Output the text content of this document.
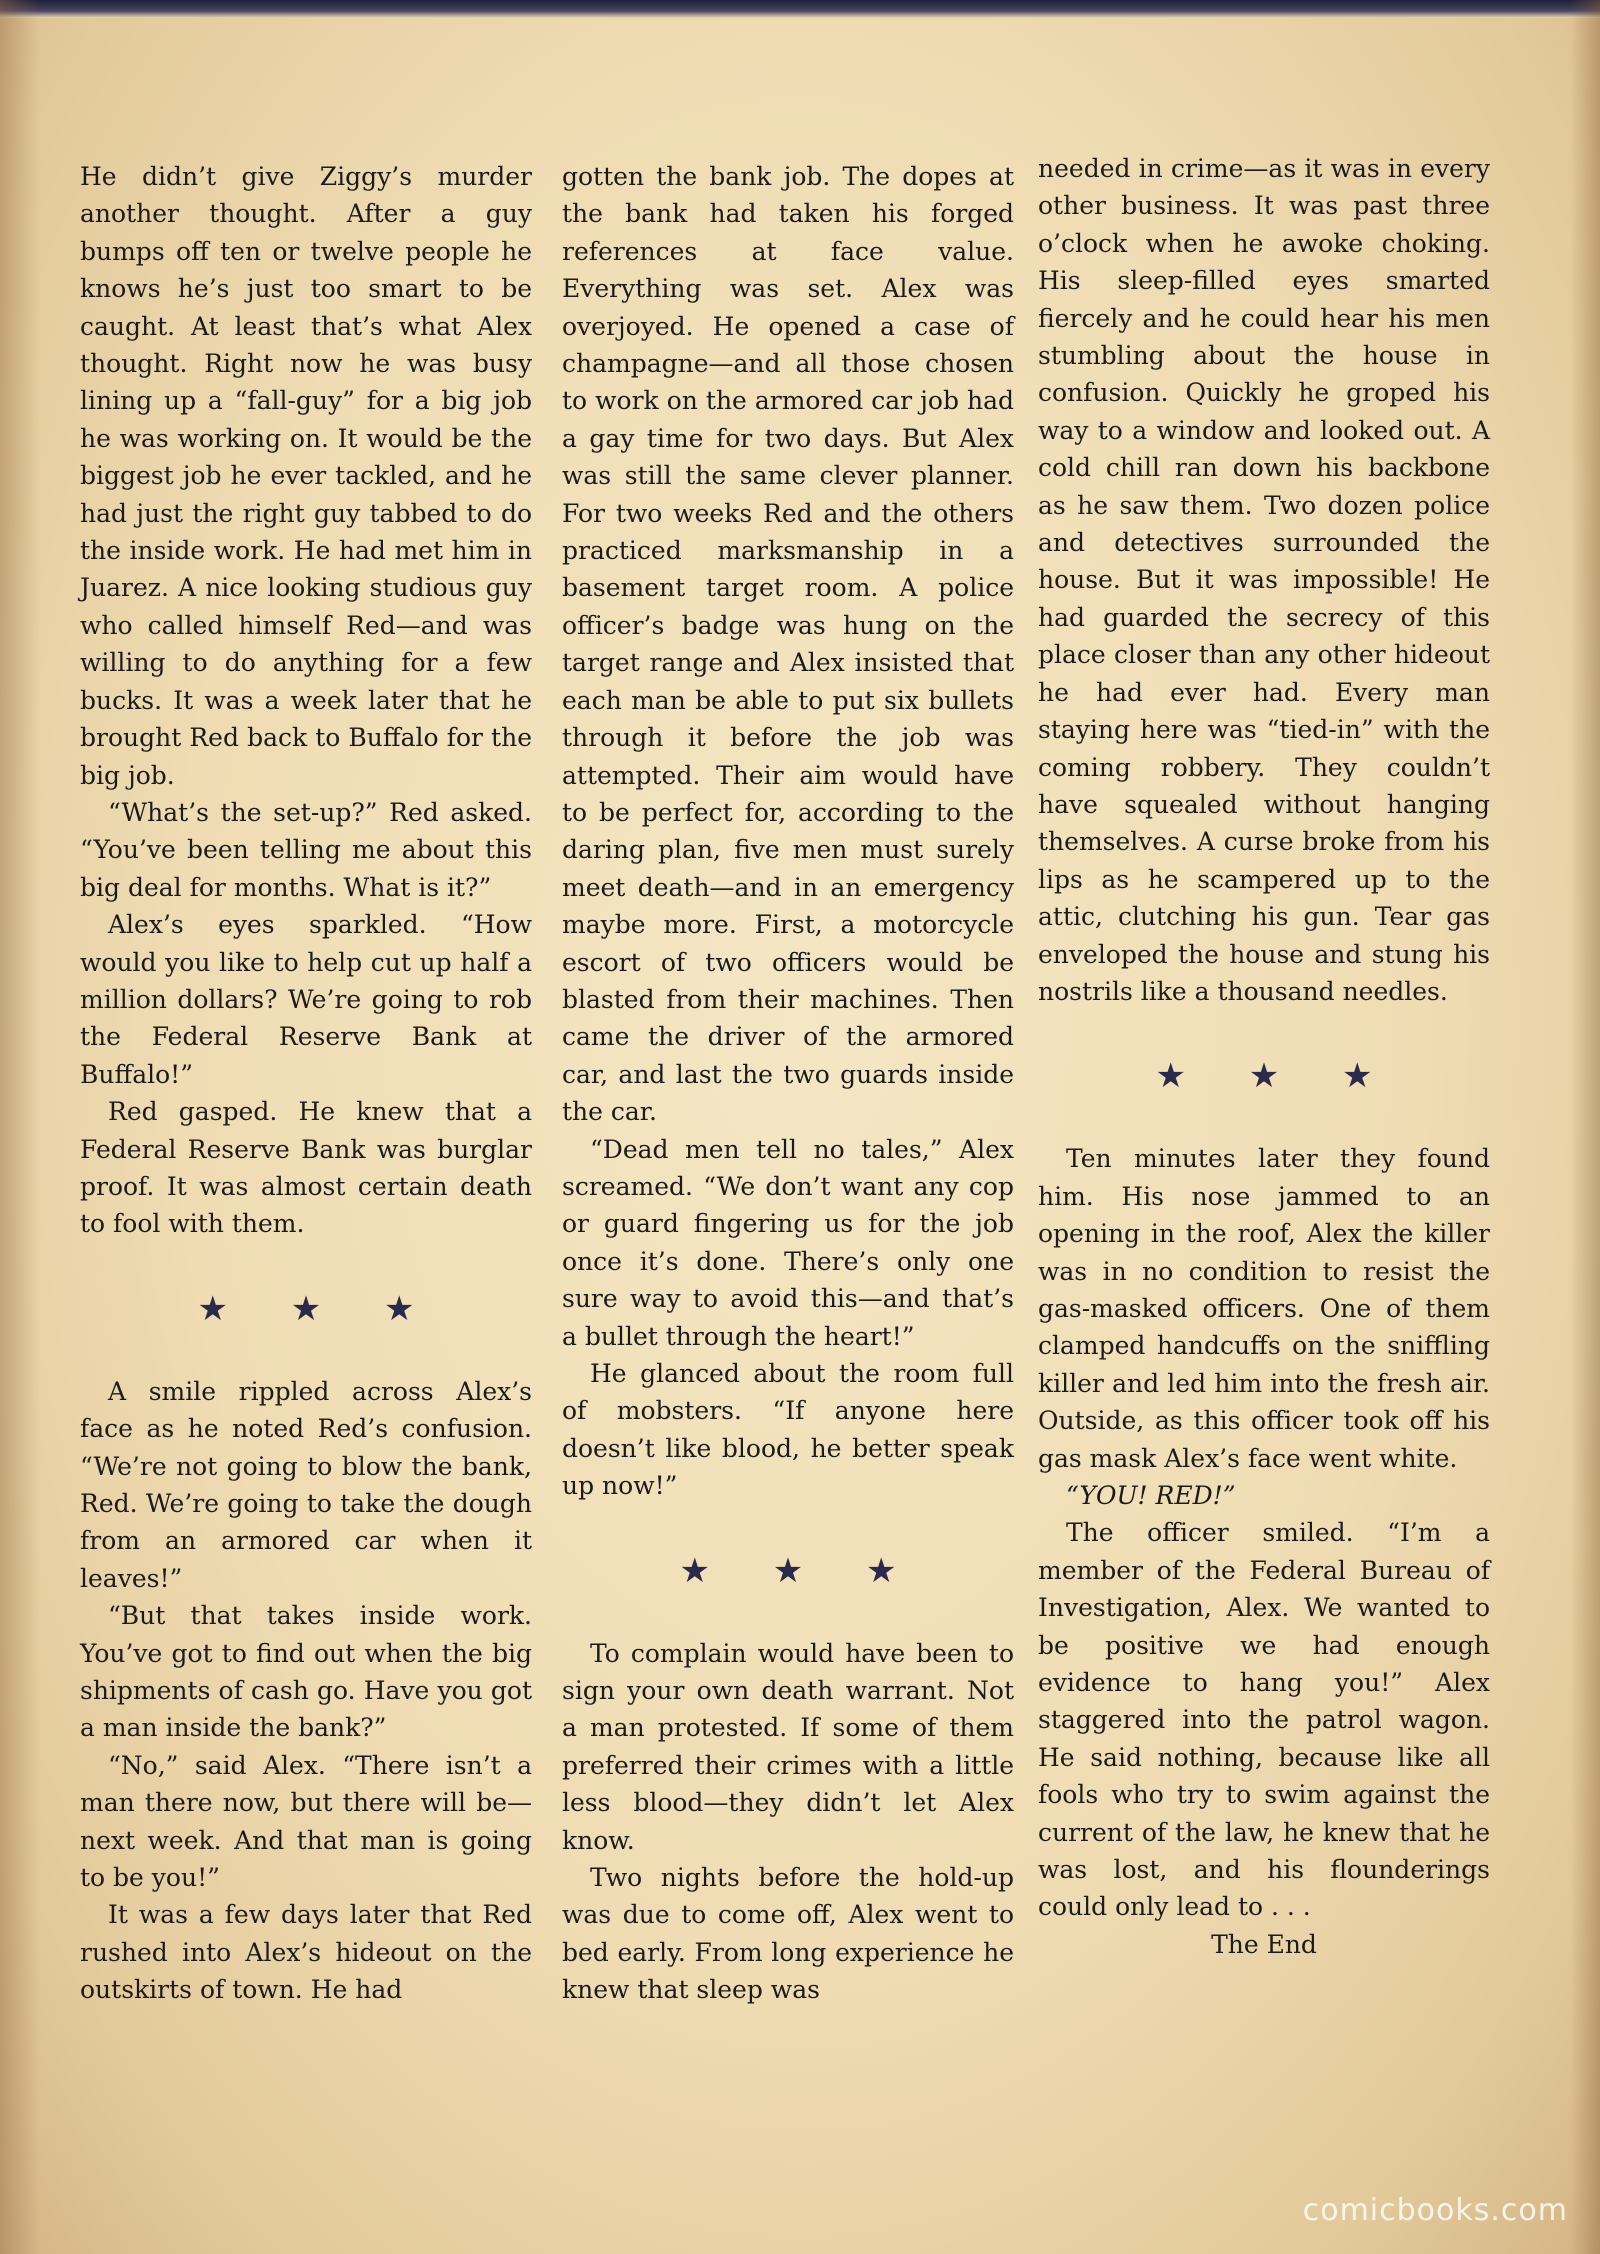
He didn’t give Ziggy’s murder another thought. After a guy bumps off ten or twelve people he knows he’s just too smart to be caught. At least that’s what Alex thought. Right now he was busy lining up a “fall-guy” for a big job he was working on. It would be the biggest job he ever tackled, and he had just the right guy tabbed to do the inside work. He had met him in Juarez. A nice looking studious guy who called himself Red—and was willing to do anything for a few bucks. It was a week later that he brought Red back to Buffalo for the big job.

“What’s the set-up?” Red asked. “You’ve been telling me about this big deal for months. What is it?”

Alex’s eyes sparkled. “How would you like to help cut up half a million dollars? We’re going to rob the Federal Reserve Bank at Buffalo!”

Red gasped. He knew that a Federal Reserve Bank was burglar proof. It was almost certain death to fool with them.

★ ★ ★

A smile rippled across Alex’s face as he noted Red’s confusion. “We’re not going to blow the bank, Red. We’re going to take the dough from an armored car when it leaves!”

“But that takes inside work. You’ve got to find out when the big shipments of cash go. Have you got a man inside the bank?”

“No,” said Alex. “There isn’t a man there now, but there will be—next week. And that man is going to be you!”

It was a few days later that Red rushed into Alex’s hideout on the outskirts of town. He had

gotten the bank job. The dopes at the bank had taken his forged references at face value. Everything was set. Alex was overjoyed. He opened a case of champagne—and all those chosen to work on the armored car job had a gay time for two days. But Alex was still the same clever planner. For two weeks Red and the others practiced marksmanship in a basement target room. A police officer’s badge was hung on the target range and Alex insisted that each man be able to put six bullets through it before the job was attempted. Their aim would have to be perfect for, according to the daring plan, five men must surely meet death—and in an emergency maybe more. First, a motorcycle escort of two officers would be blasted from their machines. Then came the driver of the armored car, and last the two guards inside the car.

“Dead men tell no tales,” Alex screamed. “We don’t want any cop or guard fingering us for the job once it’s done. There’s only one sure way to avoid this—and that’s a bullet through the heart!”

He glanced about the room full of mobsters. “If anyone here doesn’t like blood, he better speak up now!”

★ ★ ★

To complain would have been to sign your own death warrant. Not a man protested. If some of them preferred their crimes with a little less blood—they didn’t let Alex know.

Two nights before the hold-up was due to come off, Alex went to bed early. From long experience he knew that sleep was

needed in crime—as it was in every other business. It was past three o’clock when he awoke choking. His sleep-filled eyes smarted fiercely and he could hear his men stumbling about the house in confusion. Quickly he groped his way to a window and looked out. A cold chill ran down his backbone as he saw them. Two dozen police and detectives surrounded the house. But it was impossible! He had guarded the secrecy of this place closer than any other hideout he had ever had. Every man staying here was “tied-in” with the coming robbery. They couldn’t have squealed without hanging themselves. A curse broke from his lips as he scampered up to the attic, clutching his gun. Tear gas enveloped the house and stung his nostrils like a thousand needles.

★ ★ ★

Ten minutes later they found him. His nose jammed to an opening in the roof, Alex the killer was in no condition to resist the gas-masked officers. One of them clamped handcuffs on the sniffling killer and led him into the fresh air. Outside, as this officer took off his gas mask Alex’s face went white.

“YOU! RED!”

The officer smiled. “I’m a member of the Federal Bureau of Investigation, Alex. We wanted to be positive we had enough evidence to hang you!” Alex staggered into the patrol wagon. He said nothing, because like all fools who try to swim against the current of the law, he knew that he was lost, and his flounderings could only lead to . . .

The End

comicbooks.com
